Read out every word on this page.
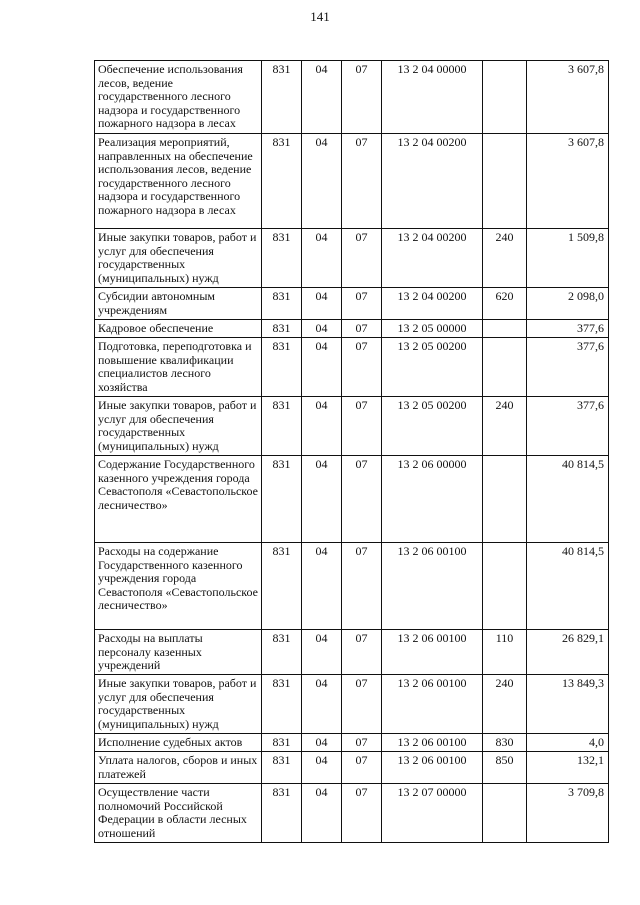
141
Обеспечение использования лесов, ведение государственного лесного надзора и государственного пожарного надзора в лесах	831	04	07	13 2 04 00000		3 607,8
Реализация мероприятий, направленных на обеспечение использования лесов, ведение государственного лесного надзора и государственного пожарного надзора в лесах	831	04	07	13 2 04 00200		3 607,8
Иные закупки товаров, работ и услуг для обеспечения государственных (муниципальных) нужд	831	04	07	13 2 04 00200	240	1 509,8
Субсидии автономным учреждениям	831	04	07	13 2 04 00200	620	2 098,0
Кадровое обеспечение	831	04	07	13 2 05 00000		377,6
Подготовка, переподготовка и повышение квалификации специалистов лесного хозяйства	831	04	07	13 2 05 00200		377,6
Иные закупки товаров, работ и услуг для обеспечения государственных (муниципальных) нужд	831	04	07	13 2 05 00200	240	377,6
Содержание Государственного казенного учреждения города Севастополя «Севастопольское лесничество»	831	04	07	13 2 06 00000		40 814,5
Расходы на содержание Государственного казенного учреждения города Севастополя «Севастопольское лесничество»	831	04	07	13 2 06 00100		40 814,5
Расходы на выплаты персоналу казенных учреждений	831	04	07	13 2 06 00100	110	26 829,1
Иные закупки товаров, работ и услуг для обеспечения государственных (муниципальных) нужд	831	04	07	13 2 06 00100	240	13 849,3
Исполнение судебных актов	831	04	07	13 2 06 00100	830	4,0
Уплата налогов, сборов и иных платежей	831	04	07	13 2 06 00100	850	132,1
Осуществление части полномочий Российской Федерации в области лесных отношений	831	04	07	13 2 07 00000		3 709,8
